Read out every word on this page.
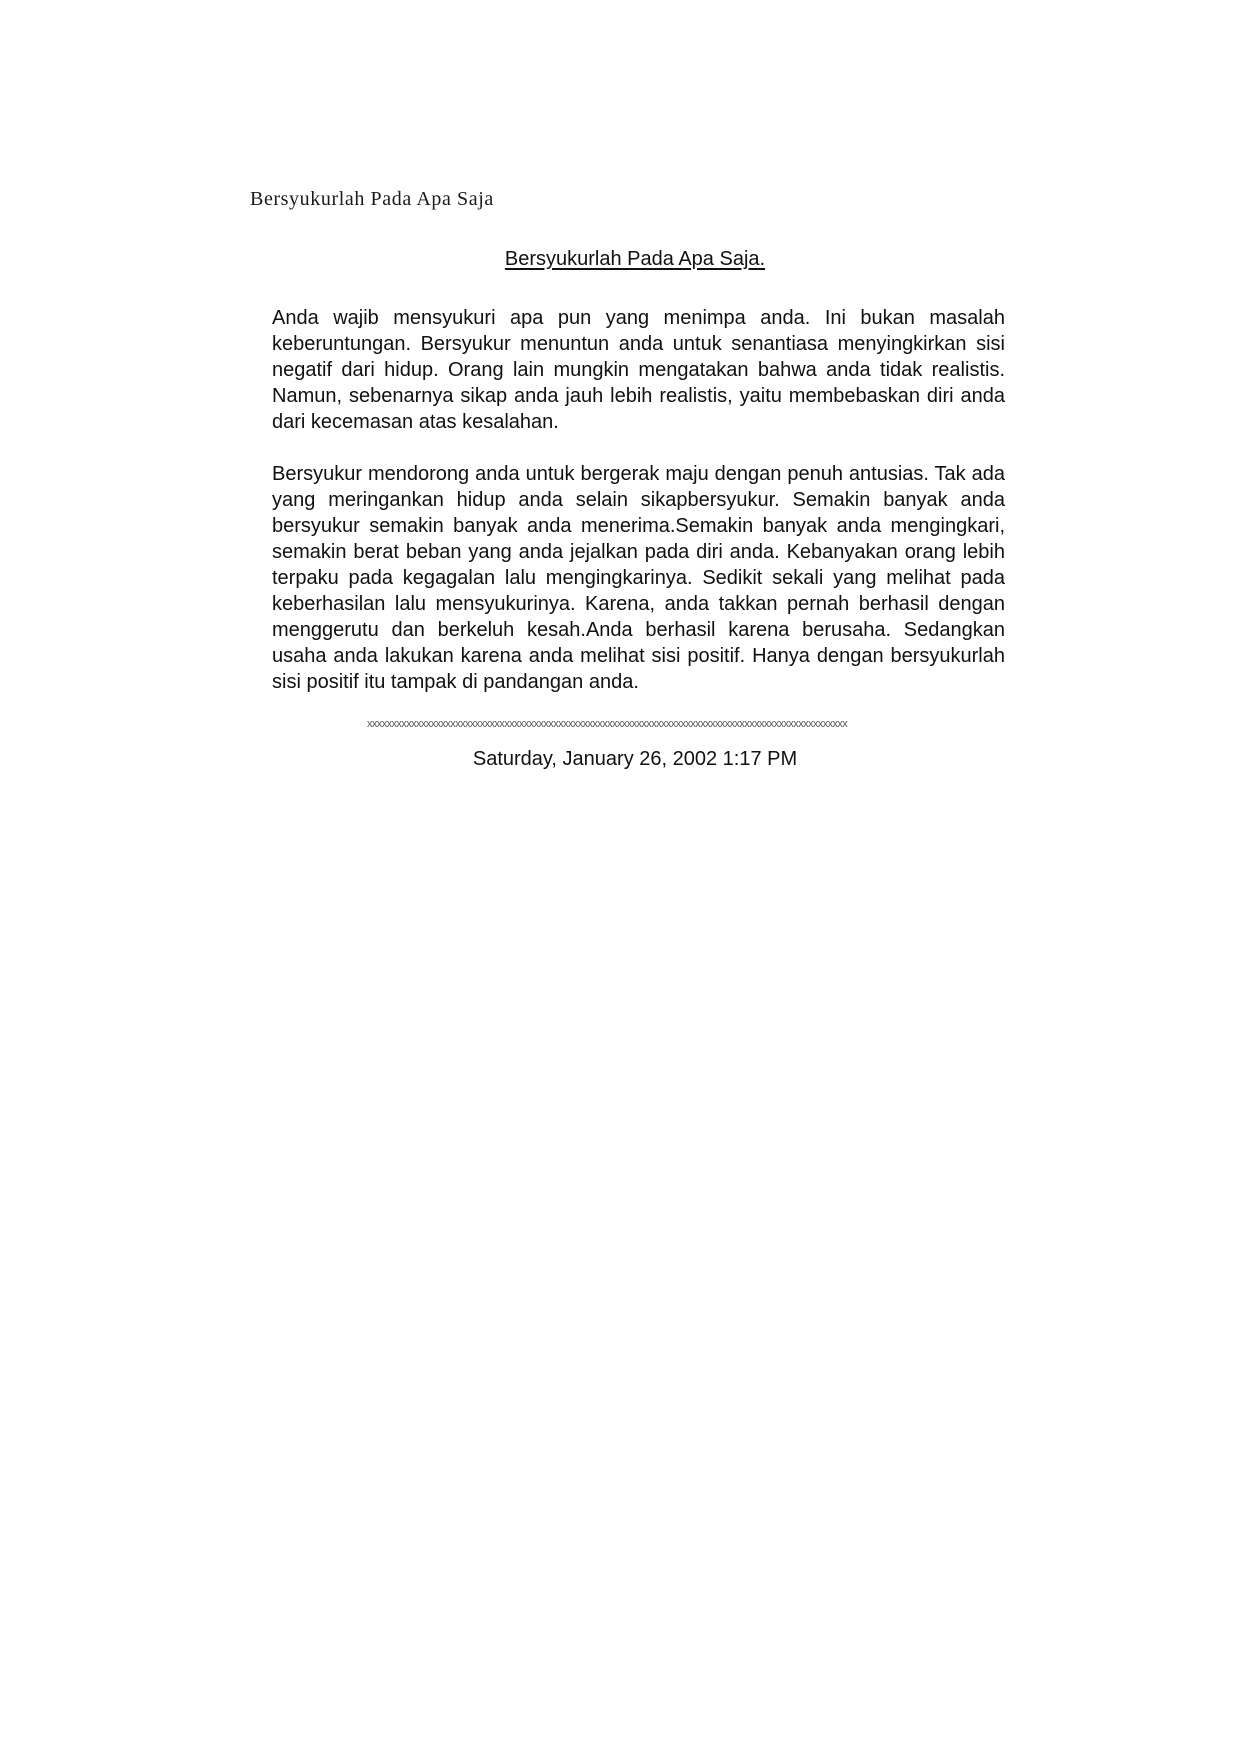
Bersyukurlah Pada Apa Saja
Bersyukurlah Pada Apa Saja.

Anda wajib mensyukuri apa pun yang menimpa anda. Ini bukan masalah keberuntungan. Bersyukur menuntun anda untuk senantiasa menyingkirkan sisi negatif dari hidup. Orang lain mungkin mengatakan bahwa anda tidak realistis. Namun, sebenarnya sikap anda jauh lebih realistis, yaitu membebaskan diri anda dari kecemasan atas kesalahan.

Bersyukur mendorong anda untuk bergerak maju dengan penuh antusias. Tak ada yang meringankan hidup anda selain sikapbersyukur. Semakin banyak anda bersyukur semakin banyak anda menerima.Semakin banyak anda mengingkari, semakin berat beban yang anda jejalkan pada diri anda. Kebanyakan orang lebih terpaku pada kegagalan lalu mengingkarinya. Sedikit sekali yang melihat pada keberhasilan lalu mensyukurinya. Karena, anda takkan pernah berhasil dengan menggerutu dan berkeluh kesah.Anda berhasil karena berusaha. Sedangkan usaha anda lakukan karena anda melihat sisi positif. Hanya dengan bersyukurlah sisi positif itu tampak di pandangan anda.

xxxxxxxxxxxxxxxxxxxxxxxxxxxxxxxxxxxxxxxxxxxxxxxxxxxxxxxxxxxxxxxxxxxxxxxxxxxxxxxxxxxxxxxxxxxxxxxxxx
Saturday, January 26, 2002 1:17 PM
